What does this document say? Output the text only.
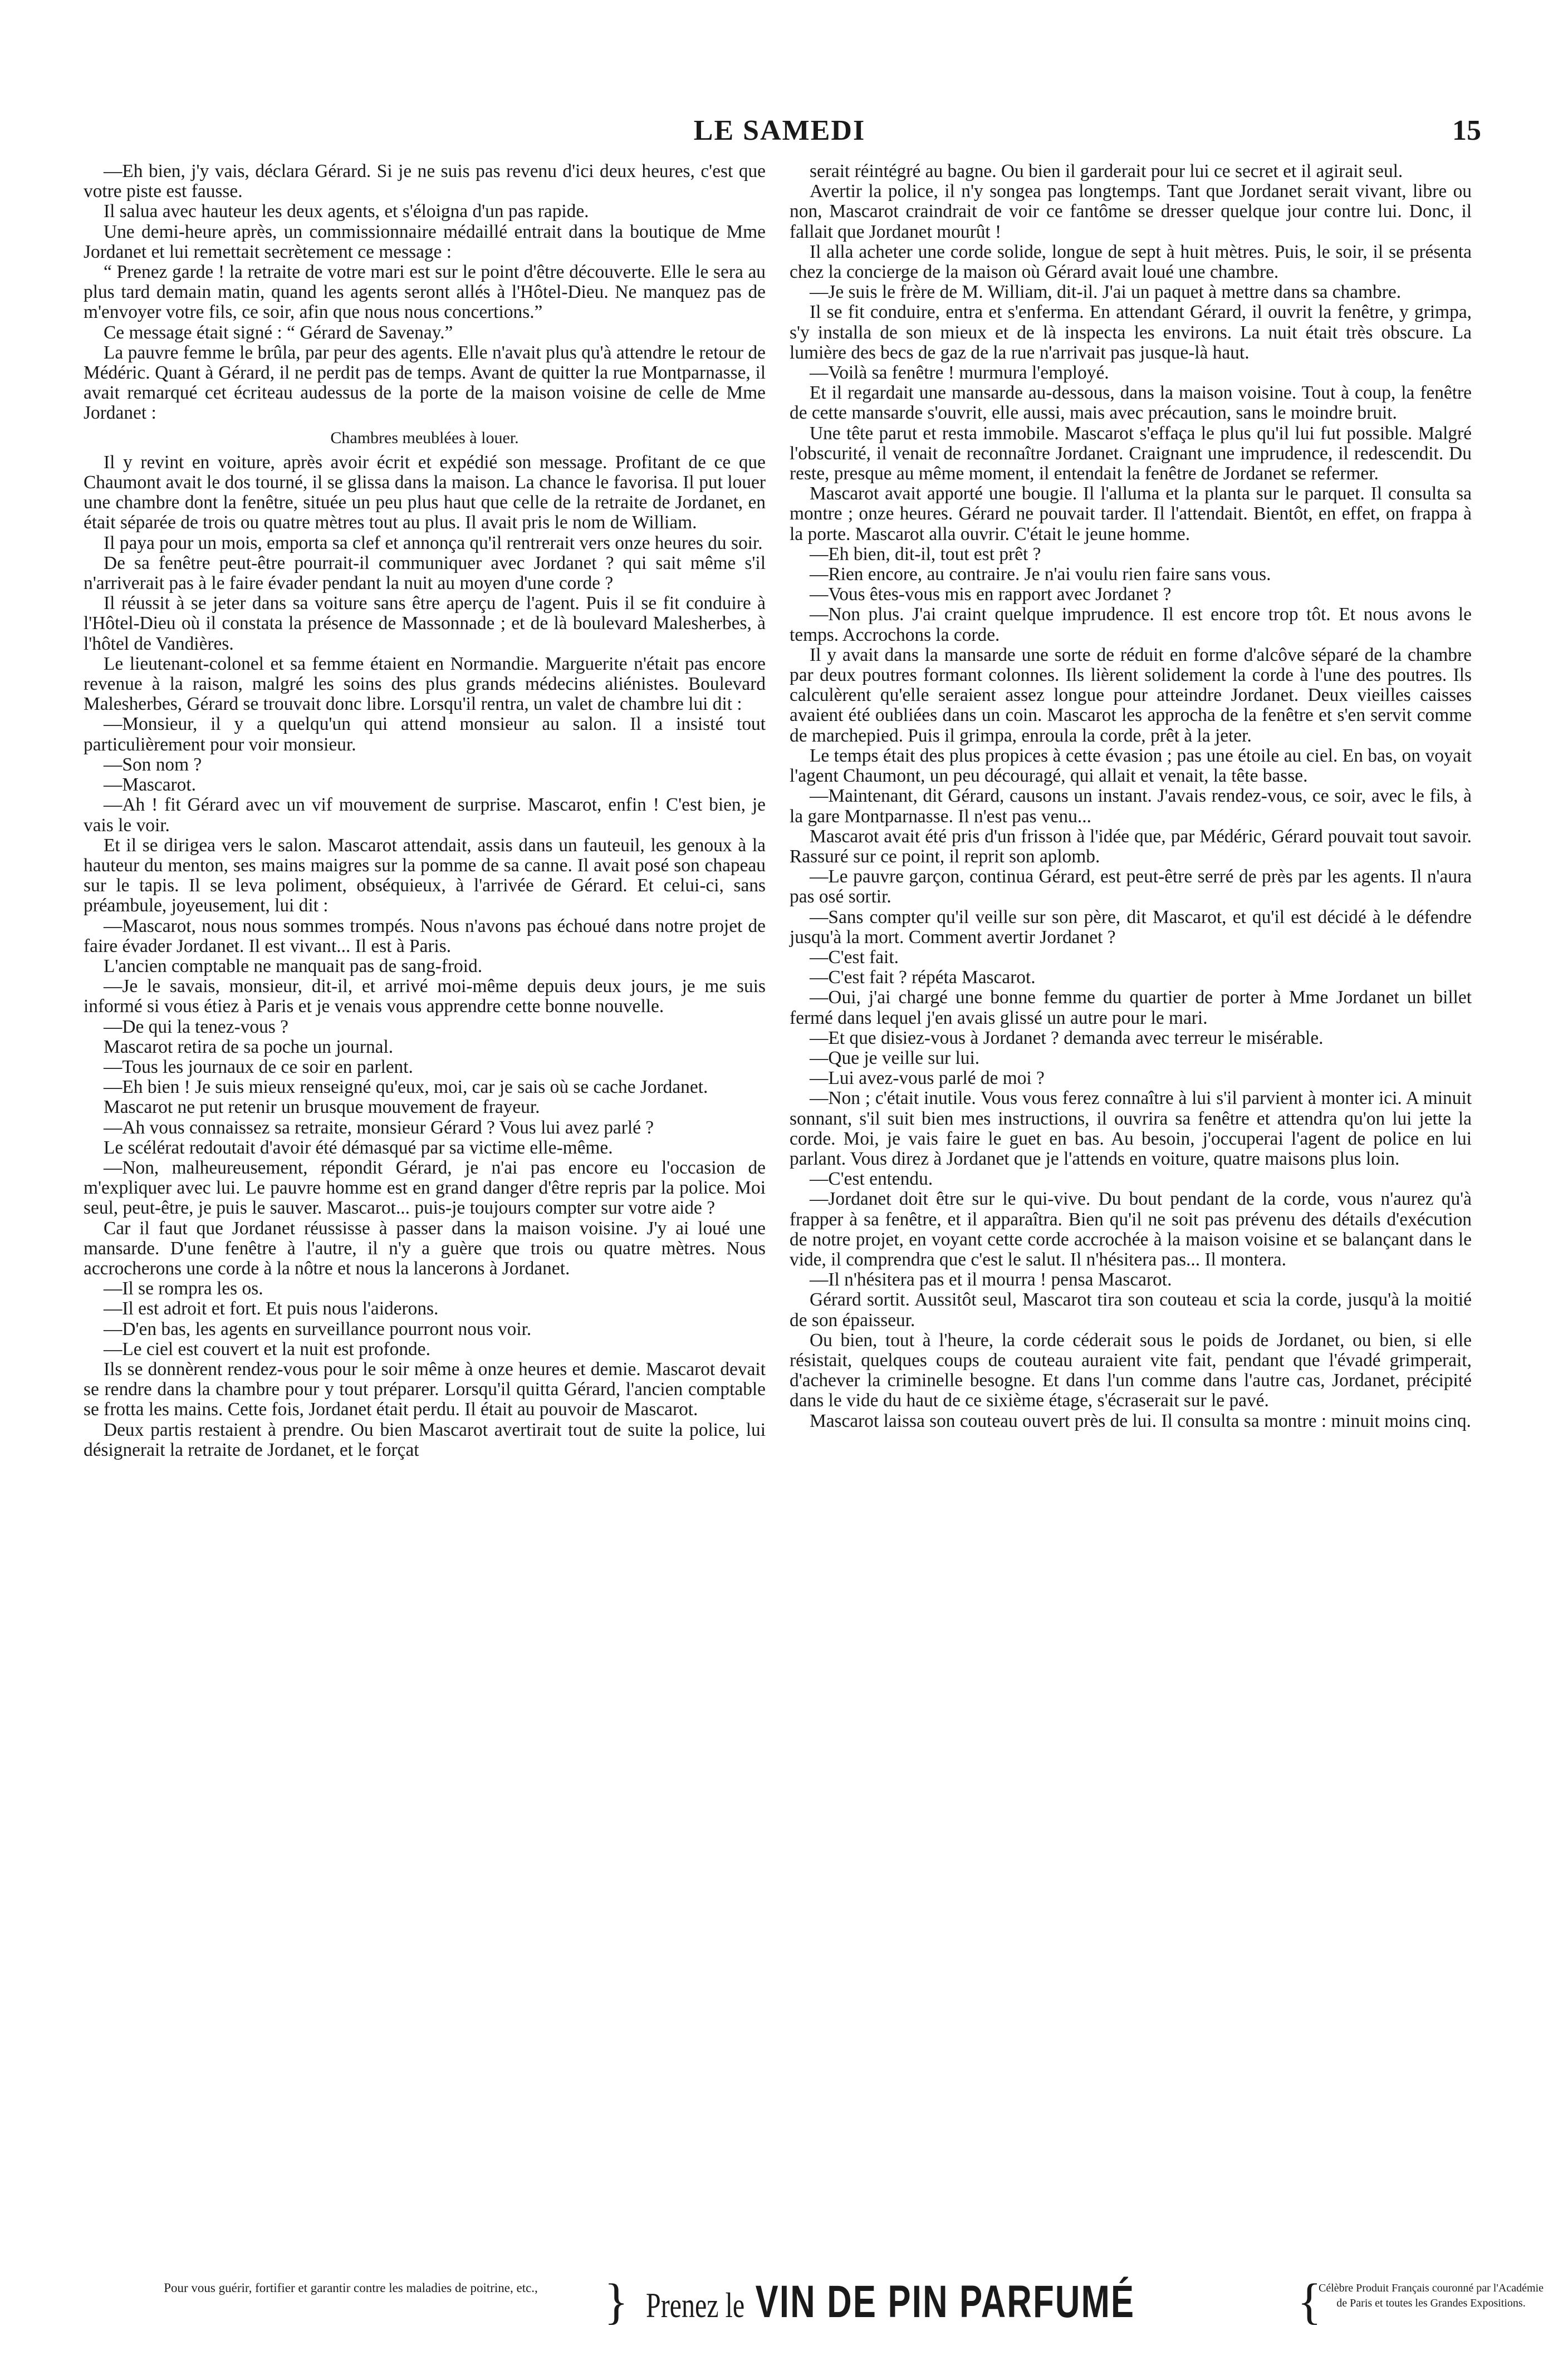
LE SAMEDI	15

—Eh bien, j'y vais, déclara Gérard. Si je ne suis pas revenu d'ici deux heures, c'est que votre piste est fausse.

Il salua avec hauteur les deux agents, et s'éloigna d'un pas rapide.

Une demi-heure après, un commissionnaire médaillé entrait dans la boutique de Mme Jordanet et lui remettait secrètement ce message :

“ Prenez garde ! la retraite de votre mari est sur le point d'être découverte. Elle le sera au plus tard demain matin, quand les agents seront allés à l'Hôtel-Dieu. Ne manquez pas de m'envoyer votre fils, ce soir, afin que nous nous concertions.”

Ce message était signé : “ Gérard de Savenay.”

La pauvre femme le brûla, par peur des agents. Elle n'avait plus qu'à attendre le retour de Médéric. Quant à Gérard, il ne perdit pas de temps. Avant de quitter la rue Montparnasse, il avait remarqué cet écriteau audessus de la porte de la maison voisine de celle de Mme Jordanet :

Chambres meublées à louer.

Il y revint en voiture, après avoir écrit et expédié son message. Profitant de ce que Chaumont avait le dos tourné, il se glissa dans la maison. La chance le favorisa. Il put louer une chambre dont la fenêtre, située un peu plus haut que celle de la retraite de Jordanet, en était séparée de trois ou quatre mètres tout au plus. Il avait pris le nom de William.

Il paya pour un mois, emporta sa clef et annonça qu'il rentrerait vers onze heures du soir.

De sa fenêtre peut-être pourrait-il communiquer avec Jordanet ? qui sait même s'il n'arriverait pas à le faire évader pendant la nuit au moyen d'une corde ?

Il réussit à se jeter dans sa voiture sans être aperçu de l'agent. Puis il se fit conduire à l'Hôtel-Dieu où il constata la présence de Massonnade ; et de là boulevard Malesherbes, à l'hôtel de Vandières.

Le lieutenant-colonel et sa femme étaient en Normandie. Marguerite n'était pas encore revenue à la raison, malgré les soins des plus grands médecins aliénistes. Boulevard Malesherbes, Gérard se trouvait donc libre. Lorsqu'il rentra, un valet de chambre lui dit :

—Monsieur, il y a quelqu'un qui attend monsieur au salon. Il a insisté tout particulièrement pour voir monsieur.

—Son nom ?

—Mascarot.

—Ah ! fit Gérard avec un vif mouvement de surprise. Mascarot, enfin ! C'est bien, je vais le voir.

Et il se dirigea vers le salon. Mascarot attendait, assis dans un fauteuil, les genoux à la hauteur du menton, ses mains maigres sur la pomme de sa canne. Il avait posé son chapeau sur le tapis. Il se leva poliment, obséquieux, à l'arrivée de Gérard. Et celui-ci, sans préambule, joyeusement, lui dit :

—Mascarot, nous nous sommes trompés. Nous n'avons pas échoué dans notre projet de faire évader Jordanet. Il est vivant... Il est à Paris.

L'ancien comptable ne manquait pas de sang-froid.

—Je le savais, monsieur, dit-il, et arrivé moi-même depuis deux jours, je me suis informé si vous étiez à Paris et je venais vous apprendre cette bonne nouvelle.

—De qui la tenez-vous ?

Mascarot retira de sa poche un journal.

—Tous les journaux de ce soir en parlent.

—Eh bien ! Je suis mieux renseigné qu'eux, moi, car je sais où se cache Jordanet.

Mascarot ne put retenir un brusque mouvement de frayeur.

—Ah vous connaissez sa retraite, monsieur Gérard ? Vous lui avez parlé ?

Le scélérat redoutait d'avoir été démasqué par sa victime elle-même.

—Non, malheureusement, répondit Gérard, je n'ai pas encore eu l'occasion de m'expliquer avec lui. Le pauvre homme est en grand danger d'être repris par la police. Moi seul, peut-être, je puis le sauver. Mascarot... puis-je toujours compter sur votre aide ?

Car il faut que Jordanet réussisse à passer dans la maison voisine. J'y ai loué une mansarde. D'une fenêtre à l'autre, il n'y a guère que trois ou quatre mètres. Nous accrocherons une corde à la nôtre et nous la lancerons à Jordanet.

—Il se rompra les os.

—Il est adroit et fort. Et puis nous l'aiderons.

—D'en bas, les agents en surveillance pourront nous voir.

—Le ciel est couvert et la nuit est profonde.

Ils se donnèrent rendez-vous pour le soir même à onze heures et demie. Mascarot devait se rendre dans la chambre pour y tout préparer. Lorsqu'il quitta Gérard, l'ancien comptable se frotta les mains. Cette fois, Jordanet était perdu. Il était au pouvoir de Mascarot.

Deux partis restaient à prendre. Ou bien Mascarot avertirait tout de suite la police, lui désignerait la retraite de Jordanet, et le forçat

serait réintégré au bagne. Ou bien il garderait pour lui ce secret et il agirait seul.

Avertir la police, il n'y songea pas longtemps. Tant que Jordanet serait vivant, libre ou non, Mascarot craindrait de voir ce fantôme se dresser quelque jour contre lui. Donc, il fallait que Jordanet mourût !

Il alla acheter une corde solide, longue de sept à huit mètres. Puis, le soir, il se présenta chez la concierge de la maison où Gérard avait loué une chambre.

—Je suis le frère de M. William, dit-il. J'ai un paquet à mettre dans sa chambre.

Il se fit conduire, entra et s'enferma. En attendant Gérard, il ouvrit la fenêtre, y grimpa, s'y installa de son mieux et de là inspecta les environs. La nuit était très obscure. La lumière des becs de gaz de la rue n'arrivait pas jusque-là haut.

—Voilà sa fenêtre ! murmura l'employé.

Et il regardait une mansarde au-dessous, dans la maison voisine. Tout à coup, la fenêtre de cette mansarde s'ouvrit, elle aussi, mais avec précaution, sans le moindre bruit.

Une tête parut et resta immobile. Mascarot s'effaça le plus qu'il lui fut possible. Malgré l'obscurité, il venait de reconnaître Jordanet. Craignant une imprudence, il redescendit. Du reste, presque au même moment, il entendait la fenêtre de Jordanet se refermer.

Mascarot avait apporté une bougie. Il l'alluma et la planta sur le parquet. Il consulta sa montre ; onze heures. Gérard ne pouvait tarder. Il l'attendait. Bientôt, en effet, on frappa à la porte. Mascarot alla ouvrir. C'était le jeune homme.

—Eh bien, dit-il, tout est prêt ?

—Rien encore, au contraire. Je n'ai voulu rien faire sans vous.

—Vous êtes-vous mis en rapport avec Jordanet ?

—Non plus. J'ai craint quelque imprudence. Il est encore trop tôt. Et nous avons le temps. Accrochons la corde.

Il y avait dans la mansarde une sorte de réduit en forme d'alcôve séparé de la chambre par deux poutres formant colonnes. Ils lièrent solidement la corde à l'une des poutres. Ils calculèrent qu'elle seraient assez longue pour atteindre Jordanet. Deux vieilles caisses avaient été oubliées dans un coin. Mascarot les approcha de la fenêtre et s'en servit comme de marchepied. Puis il grimpa, enroula la corde, prêt à la jeter.

Le temps était des plus propices à cette évasion ; pas une étoile au ciel. En bas, on voyait l'agent Chaumont, un peu découragé, qui allait et venait, la tête basse.

—Maintenant, dit Gérard, causons un instant. J'avais rendez-vous, ce soir, avec le fils, à la gare Montparnasse. Il n'est pas venu...

Mascarot avait été pris d'un frisson à l'idée que, par Médéric, Gérard pouvait tout savoir. Rassuré sur ce point, il reprit son aplomb.

—Le pauvre garçon, continua Gérard, est peut-être serré de près par les agents. Il n'aura pas osé sortir.

—Sans compter qu'il veille sur son père, dit Mascarot, et qu'il est décidé à le défendre jusqu'à la mort. Comment avertir Jordanet ?

—C'est fait.

—C'est fait ? répéta Mascarot.

—Oui, j'ai chargé une bonne femme du quartier de porter à Mme Jordanet un billet fermé dans lequel j'en avais glissé un autre pour le mari.

—Et que disiez-vous à Jordanet ? demanda avec terreur le misérable.

—Que je veille sur lui.

—Lui avez-vous parlé de moi ?

—Non ; c'était inutile. Vous vous ferez connaître à lui s'il parvient à monter ici. A minuit sonnant, s'il suit bien mes instructions, il ouvrira sa fenêtre et attendra qu'on lui jette la corde. Moi, je vais faire le guet en bas. Au besoin, j'occuperai l'agent de police en lui parlant. Vous direz à Jordanet que je l'attends en voiture, quatre maisons plus loin.

—C'est entendu.

—Jordanet doit être sur le qui-vive. Du bout pendant de la corde, vous n'aurez qu'à frapper à sa fenêtre, et il apparaîtra. Bien qu'il ne soit pas prévenu des détails d'exécution de notre projet, en voyant cette corde accrochée à la maison voisine et se balançant dans le vide, il comprendra que c'est le salut. Il n'hésitera pas... Il montera.

—Il n'hésitera pas et il mourra ! pensa Mascarot.

Gérard sortit. Aussitôt seul, Mascarot tira son couteau et scia la corde, jusqu'à la moitié de son épaisseur.

Ou bien, tout à l'heure, la corde céderait sous le poids de Jordanet, ou bien, si elle résistait, quelques coups de couteau auraient vite fait, pendant que l'évadé grimperait, d'achever la criminelle besogne. Et dans l'un comme dans l'autre cas, Jordanet, précipité dans le vide du haut de ce sixième étage, s'écraserait sur le pavé.

Mascarot laissa son couteau ouvert près de lui. Il consulta sa montre : minuit moins cinq.

Pour vous guérir, fortifier et garantir contre les maladies de poitrine, etc.,	} Prenez le VIN DE PIN PARFUMÉ	{
Célèbre Produit Français couronné par l'Académie de Paris et toutes les Grandes Expositions.
